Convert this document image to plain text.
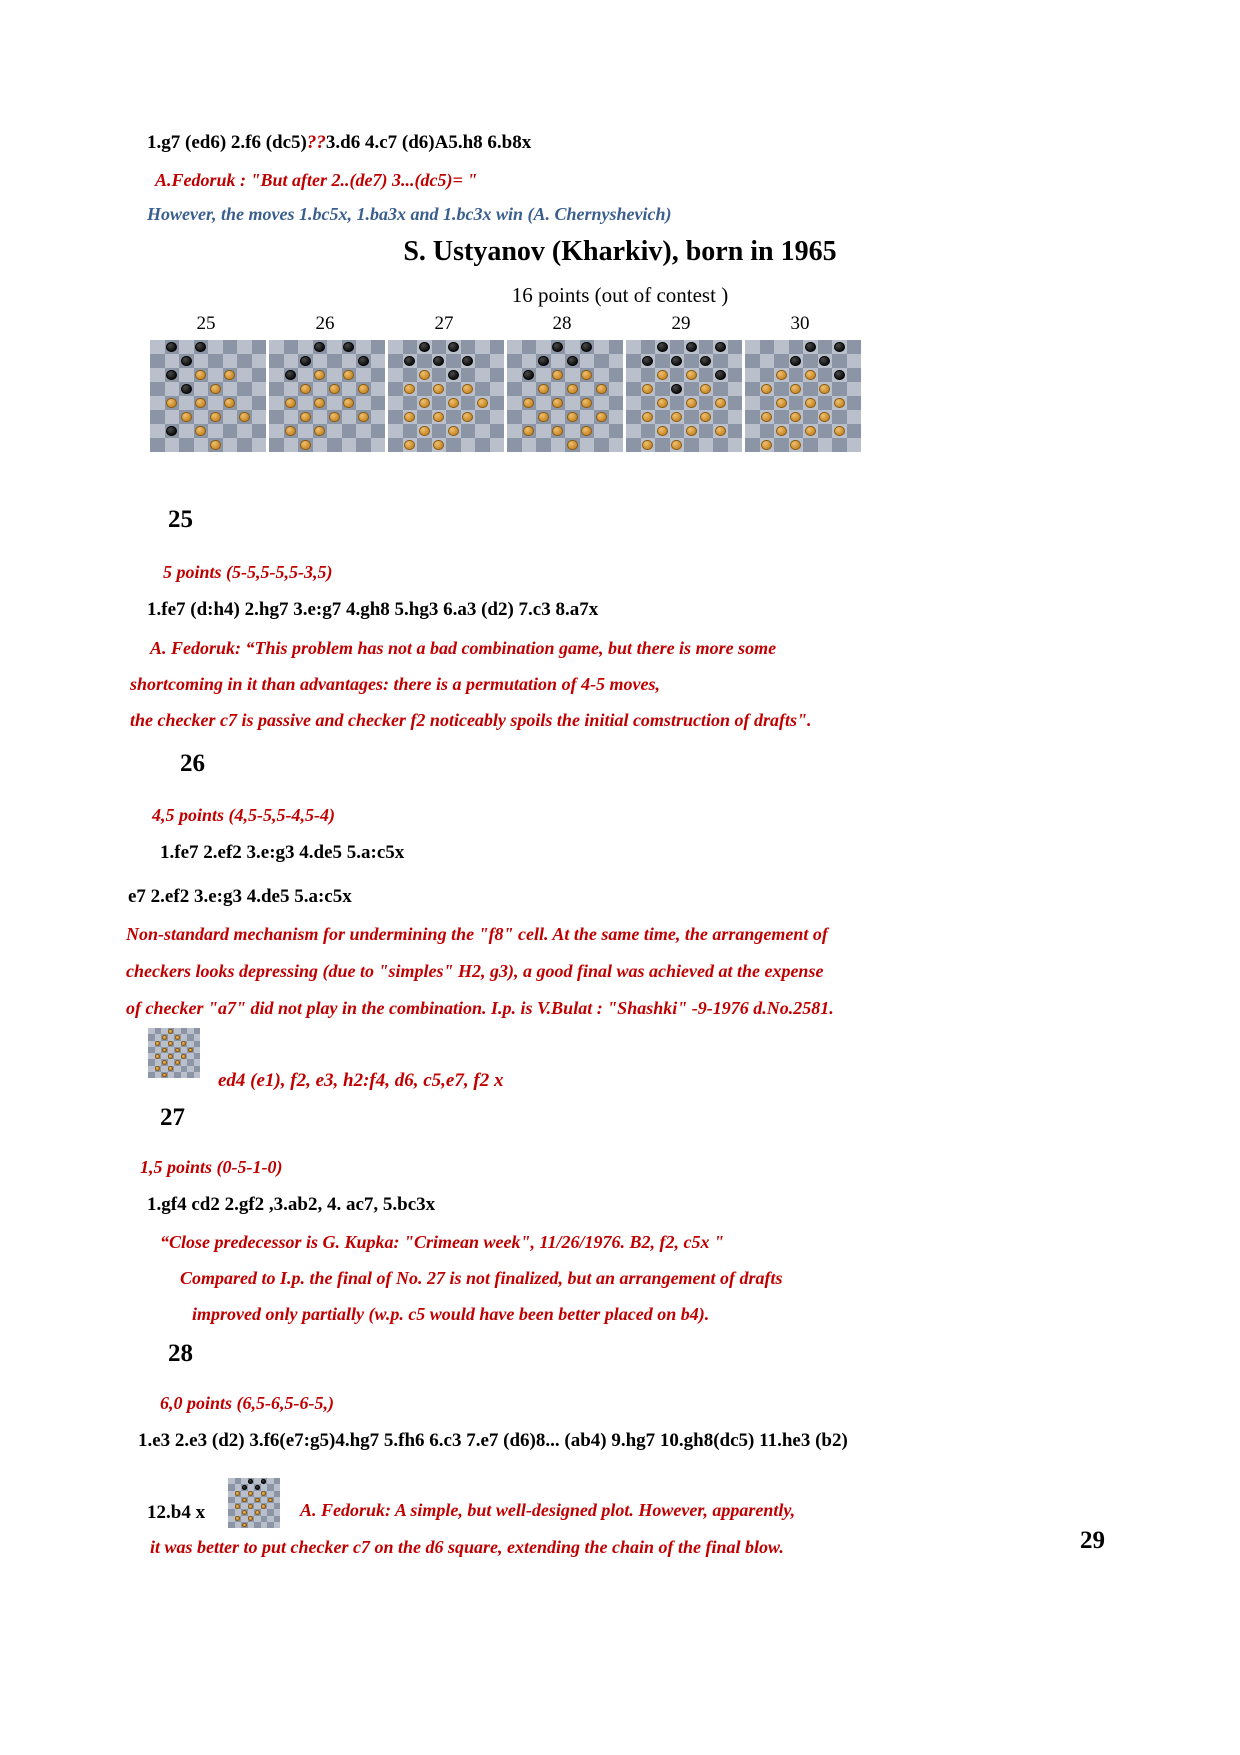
1.g7 (ed6) 2.f6 (dc5)??3.d6 4.c7 (d6)A5.h8 6.b8x
A.Fedoruk : "But after 2..(de7) 3...(dc5)= "
However, the moves 1.bc5x, 1.ba3x and 1.bc3x win (A. Chernyshevich)
S. Ustyanov (Kharkiv), born in 1965
16 points (out of contest )
25	26	27	28	29	30
25
5 points (5-5,5-5,5-3,5)
1.fe7 (d:h4) 2.hg7 3.e:g7 4.gh8 5.hg3 6.a3 (d2) 7.c3 8.a7x
A. Fedoruk: “This problem has not a bad combination game, but there is more some
shortcoming in it than advantages: there is a permutation of 4-5 moves,
the checker c7 is passive and checker f2 noticeably spoils the initial comstruction of drafts".
26
4,5 points (4,5-5,5-4,5-4)
1.fe7 2.ef2 3.e:g3 4.de5 5.a:c5x
e7 2.ef2 3.e:g3 4.de5 5.a:c5x
Non-standard mechanism for undermining the "f8" cell. At the same time, the arrangement of
checkers looks depressing (due to "simples" H2, g3), a good final was achieved at the expense
of checker "a7" did not play in the combination. I.p. is V.Bulat : "Shashki" -9-1976 d.No.2581.
ed4 (e1), f2, e3, h2:f4, d6, c5,e7, f2 x
27
1,5 points (0-5-1-0)
1.gf4 cd2 2.gf2 ,3.ab2, 4. ac7, 5.bc3x
“Close predecessor is G. Kupka: "Crimean week", 11/26/1976. B2, f2, c5x "
Compared to I.p. the final of No. 27 is not finalized, but an arrangement of drafts
improved only partially (w.p. c5 would have been better placed on b4).
28
6,0 points (6,5-6,5-6-5,)
1.e3 2.e3 (d2) 3.f6(e7:g5)4.hg7 5.fh6 6.c3 7.e7 (d6)8... (ab4) 9.hg7 10.gh8(dc5) 11.he3 (b2)
12.b4 x	A. Fedoruk: A simple, but well-designed plot. However, apparently,
it was better to put checker c7 on the d6 square, extending the chain of the final blow.	29
